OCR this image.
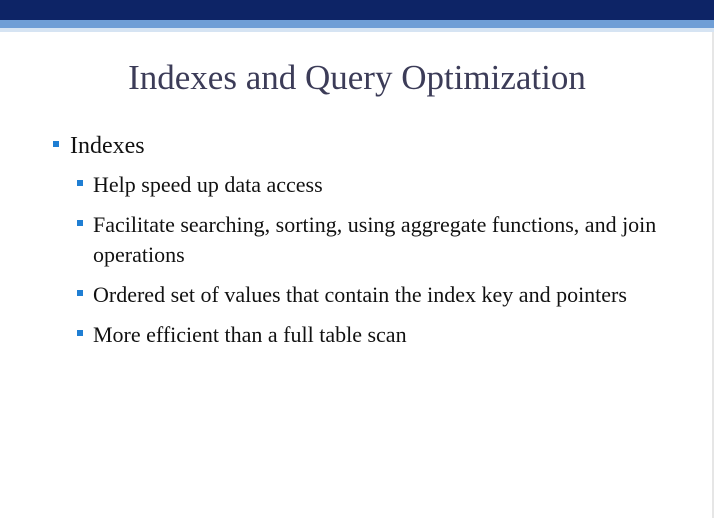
Indexes and Query Optimization
Indexes
Help speed up data access
Facilitate searching, sorting, using aggregate functions, and join operations
Ordered set of values that contain the index key and pointers
More efficient than a full table scan
